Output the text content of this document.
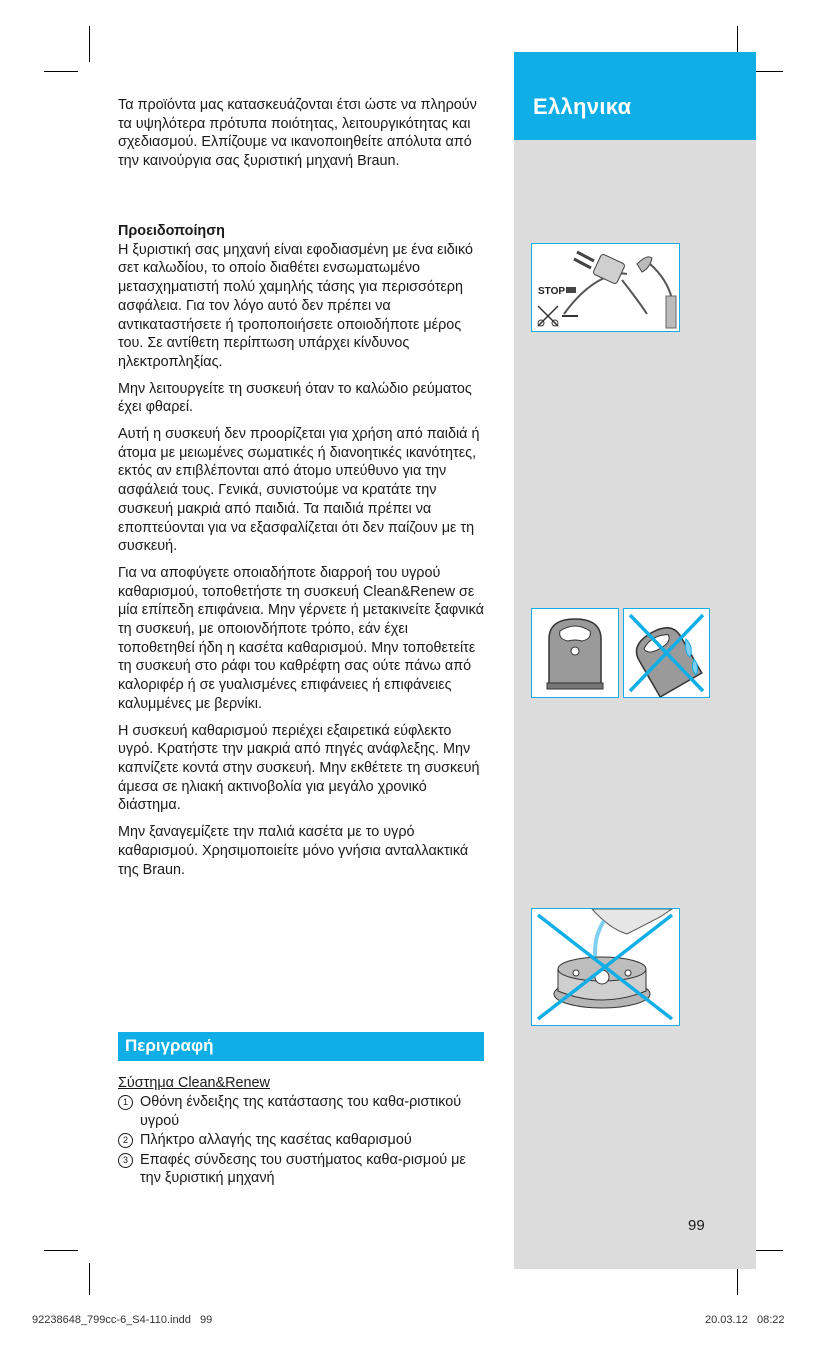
Ελληνικα
STOP

Τα προϊόντα μας κατασκευάζονται έτσι ώστε να πληρούν τα υψηλότερα πρότυπα ποιότητας, λειτουργικότητας και σχεδιασμού. Ελπίζουμε να ικανοποιηθείτε απόλυτα από την καινούργια σας ξυριστική μηχανή Braun.

Προειδοποίηση

Η ξυριστική σας μηχανή είναι εφοδιασμένη με ένα ειδικό σετ καλωδίου, το οποίο διαθέτει ενσωματωμένο μετασχηματιστή πολύ χαμηλής τάσης για περισσότερη ασφάλεια. Για τον λόγο αυτό δεν πρέπει να αντικαταστήσετε ή τροποποιήσετε οποιοδήποτε μέρος του. Σε αντίθετη περίπτωση υπάρχει κίνδυνος ηλεκτροπληξίας.

Μην λειτουργείτε τη συσκευή όταν το καλώδιο ρεύματος έχει φθαρεί.

Αυτή η συσκευή δεν προορίζεται για χρήση από παιδιά ή άτομα με μειωμένες σωματικές ή διανοητικές ικανότητες, εκτός αν επιβλέπονται από άτομο υπεύθυνο για την ασφάλειά τους. Γενικά, συνιστούμε να κρατάτε την συσκευή μακριά από παιδιά. Τα παιδιά πρέπει να εποπτεύονται για να εξασφαλίζεται ότι δεν παίζουν με τη συσκευή.

Για να αποφύγετε οποιαδήποτε διαρροή του υγρού καθαρισμού, τοποθετήστε τη συσκευή Clean&Renew σε μία επίπεδη επιφάνεια. Μην γέρνετε ή μετακινείτε ξαφνικά τη συσκευή, με οποιονδήποτε τρόπο, εάν έχει τοποθετηθεί ήδη η κασέτα καθαρισμού. Μην τοποθετείτε τη συσκευή στο ράφι του καθρέφτη σας ούτε πάνω από καλοριφέρ ή σε γυαλισμένες επιφάνειες ή επιφάνειες καλυμμένες με βερνίκι.

Η συσκευή καθαρισμού περιέχει εξαιρετικά εύφλεκτο υγρό. Κρατήστε την μακριά από πηγές ανάφλεξης. Μην καπνίζετε κοντά στην συσκευή. Μην εκθέτετε τη συσκευή άμεσα σε ηλιακή ακτινοβολία για μεγάλο χρονικό διάστημα.

Μην ξαναγεμίζετε την παλιά κασέτα με το υγρό καθαρισμού. Χρησιμοποιείτε μόνο γνήσια ανταλλακτικά της Braun.

Περιγραφή
Σύστημα Clean&Renew
1 Οθόνη ένδειξης της κατάστασης του καθα-ριστικού υγρού
2 Πλήκτρο αλλαγής της κασέτας καθαρισμού
3 Επαφές σύνδεσης του συστήματος καθα-ρισμού με την ξυριστική μηχανή
99
92238648_799cc-6_S4-110.indd   99	20.03.12   08:22
